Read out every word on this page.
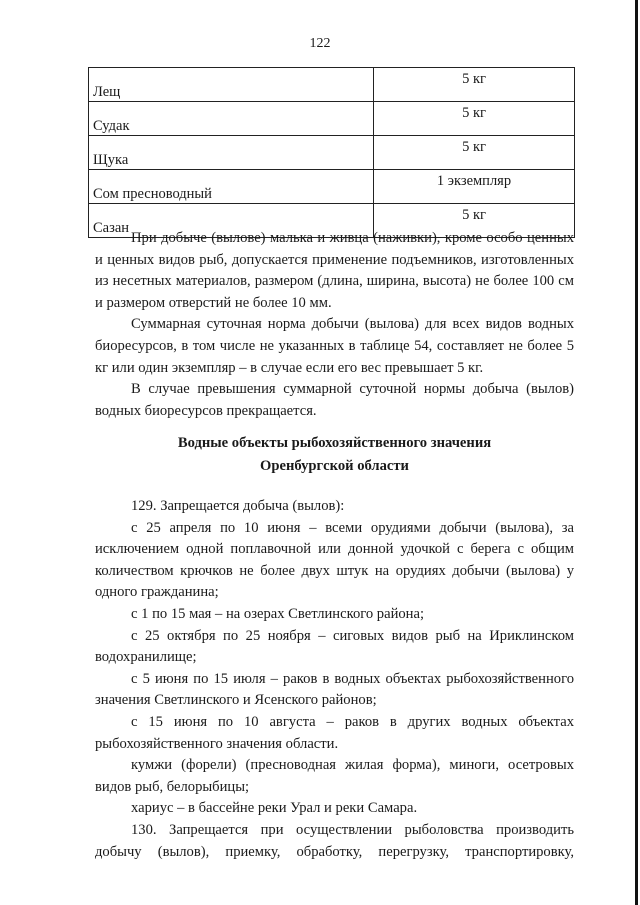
122
Лещ	5 кг
Судак	5 кг
Щука	5 кг
Сом пресноводный	1 экземпляр
Сазан	5 кг

При добыче (вылове) малька и живца (наживки), кроме особо ценных и ценных видов рыб, допускается применение подъемников, изготовленных из несетных материалов, размером (длина, ширина, высота) не более 100 см и размером отверстий не более 10 мм.

Суммарная суточная норма добычи (вылова) для всех видов водных биоресурсов, в том числе не указанных в таблице 54, составляет не более 5 кг или один экземпляр – в случае если его вес превышает 5 кг.

В случае превышения суммарной суточной нормы добыча (вылов) водных биоресурсов прекращается.

Водные объекты рыбохозяйственного значения
Оренбургской области

129. Запрещается добыча (вылов):

с 25 апреля по 10 июня – всеми орудиями добычи (вылова), за исключением одной поплавочной или донной удочкой с берега с общим количеством крючков не более двух штук на орудиях добычи (вылова) у одного гражданина;

с 1 по 15 мая – на озерах Светлинского района;

с 25 октября по 25 ноября – сиговых видов рыб на Ириклинском водохранилище;

с 5 июня по 15 июля – раков в водных объектах рыбохозяйственного значения Светлинского и Ясенского районов;

с 15 июня по 10 августа – раков в других водных объектах рыбохозяйственного значения области.

кумжи (форели) (пресноводная жилая форма), миноги, осетровых видов рыб, белорыбицы;

хариус – в бассейне реки Урал и реки Самара.

130. Запрещается при осуществлении рыболовства производить добычу (вылов), приемку, обработку, перегрузку, транспортировку,
